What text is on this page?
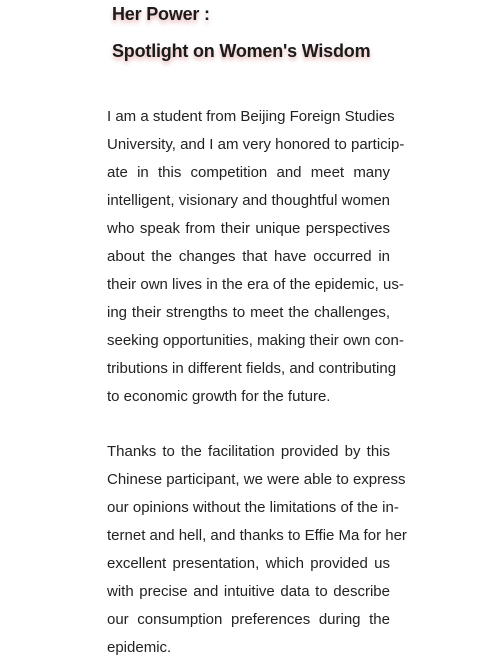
Her Power :
Spotlight on Women's Wisdom
I am a student from Beijing Foreign Studies
University, and I am very honored to particip-
ate in this competition and meet many
intelligent, visionary and thoughtful women
who speak from their unique perspectives
about the changes that have occurred in
their own lives in the era of the epidemic, us-
ing their strengths to meet the challenges,
seeking opportunities, making their own con-
tributions in different fields, and contributing
to economic growth for the future.
Thanks to the facilitation provided by this
Chinese participant, we were able to express
our opinions without the limitations of the in-
ternet and hell, and thanks to Effie Ma for her
excellent presentation, which provided us
with precise and intuitive data to describe
our consumption preferences during the
epidemic.
